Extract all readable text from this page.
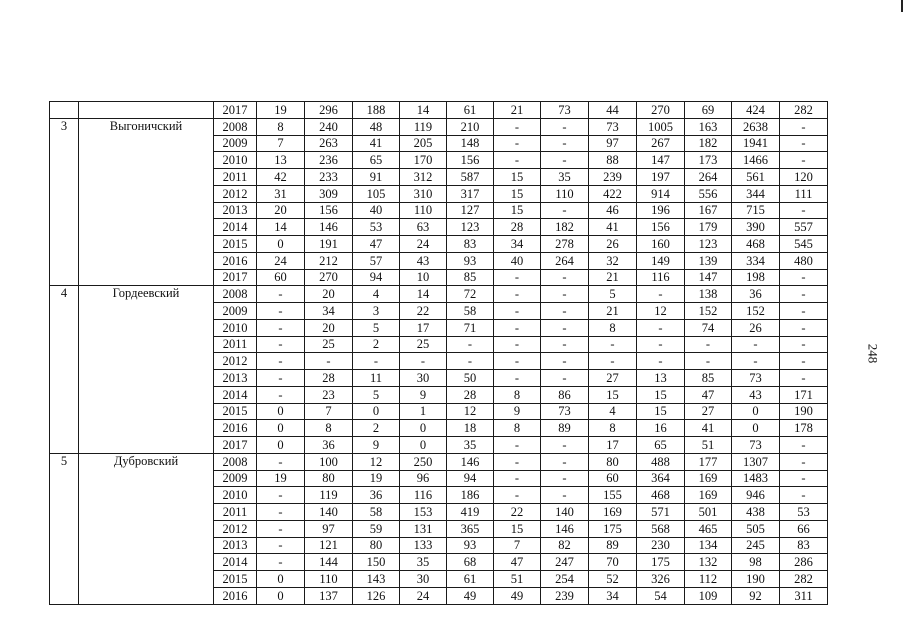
		2017	19	296	188	14	61	21	73	44	270	69	424	282
3	Выгоничский	2008	8	240	48	119	210	-	-	73	1005	163	2638	-
		2009	7	263	41	205	148	-	-	97	267	182	1941	-
		2010	13	236	65	170	156	-	-	88	147	173	1466	-
		2011	42	233	91	312	587	15	35	239	197	264	561	120
		2012	31	309	105	310	317	15	110	422	914	556	344	111
		2013	20	156	40	110	127	15	-	46	196	167	715	-
		2014	14	146	53	63	123	28	182	41	156	179	390	557
		2015	0	191	47	24	83	34	278	26	160	123	468	545
		2016	24	212	57	43	93	40	264	32	149	139	334	480
		2017	60	270	94	10	85	-	-	21	116	147	198	-
4	Гордеевский	2008	-	20	4	14	72	-	-	5	-	138	36	-
		2009	-	34	3	22	58	-	-	21	12	152	152	-
		2010	-	20	5	17	71	-	-	8	-	74	26	-
		2011	-	25	2	25	-	-	-	-	-	-	-	-
		2012	-	-	-	-	-	-	-	-	-	-	-	-
		2013	-	28	11	30	50	-	-	27	13	85	73	-
		2014	-	23	5	9	28	8	86	15	15	47	43	171
		2015	0	7	0	1	12	9	73	4	15	27	0	190
		2016	0	8	2	0	18	8	89	8	16	41	0	178
		2017	0	36	9	0	35	-	-	17	65	51	73	-
5	Дубровский	2008	-	100	12	250	146	-	-	80	488	177	1307	-
		2009	19	80	19	96	94	-	-	60	364	169	1483	-
		2010	-	119	36	116	186	-	-	155	468	169	946	-
		2011	-	140	58	153	419	22	140	169	571	501	438	53
		2012	-	97	59	131	365	15	146	175	568	465	505	66
		2013	-	121	80	133	93	7	82	89	230	134	245	83
		2014	-	144	150	35	68	47	247	70	175	132	98	286
		2015	0	110	143	30	61	51	254	52	326	112	190	282
		2016	0	137	126	24	49	49	239	34	54	109	92	311
248
